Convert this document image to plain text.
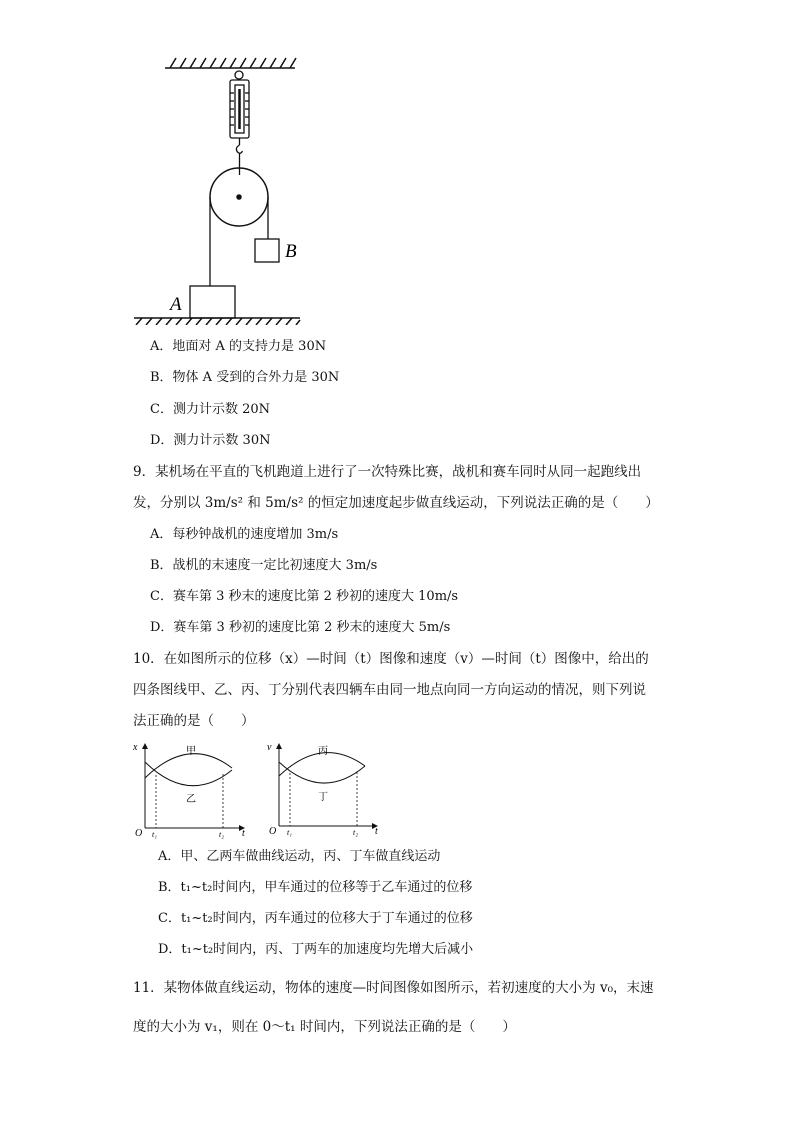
B
A
A．地面对 A 的支持力是 30N
B．物体 A 受到的合外力是 30N
C．测力计示数 20N
D．测力计示数 30N
9．某机场在平直的飞机跑道上进行了一次特殊比赛，战机和赛车同时从同一起跑线出
发，分别以 3m/s² 和 5m/s² 的恒定加速度起步做直线运动，下列说法正确的是（　　）
A．每秒钟战机的速度增加 3m/s
B．战机的末速度一定比初速度大 3m/s
C．赛车第 3 秒末的速度比第 2 秒初的速度大 10m/s
D．赛车第 3 秒初的速度比第 2 秒末的速度大 5m/s
10．在如图所示的位移（x）—时间（t）图像和速度（v）—时间（t）图像中，给出的
四条图线甲、乙、丙、丁分别代表四辆车由同一地点向同一方向运动的情况，则下列说
法正确的是（　　）
x
t
O t₁	t₂
甲
乙
v
t
O t₁	t₂
丙
丁
A．甲、乙两车做曲线运动，丙、丁车做直线运动
B．t₁~t₂时间内，甲车通过的位移等于乙车通过的位移
C．t₁~t₂时间内，丙车通过的位移大于丁车通过的位移
D．t₁~t₂时间内，丙、丁两车的加速度均先增大后减小
11．某物体做直线运动，物体的速度—时间图像如图所示，若初速度的大小为 v₀，末速
度的大小为 v₁，则在 0～t₁ 时间内，下列说法正确的是（　　）
